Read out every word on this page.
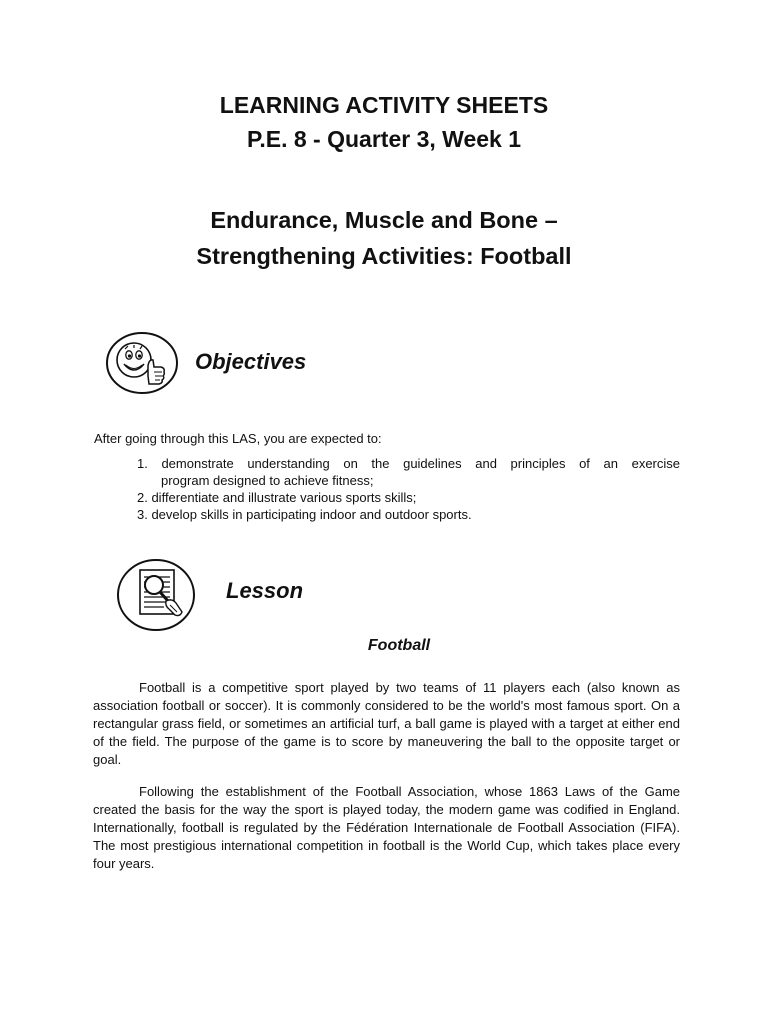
LEARNING ACTIVITY SHEETS
P.E. 8 - Quarter 3, Week 1
Endurance, Muscle and Bone –
Strengthening Activities: Football
Objectives
After going through this LAS, you are expected to:
1. demonstrate understanding on the guidelines and principles of an exercise
program designed to achieve fitness;
2. differentiate and illustrate various sports skills;
3. develop skills in participating indoor and outdoor sports.
Lesson
Football

Football is a competitive sport played by two teams of 11 players each (also known as association football or soccer). It is commonly considered to be the world's most famous sport. On a rectangular grass field, or sometimes an artificial turf, a ball game is played with a target at either end of the field. The purpose of the game is to score by maneuvering the ball to the opposite target or goal.

Following the establishment of the Football Association, whose 1863 Laws of the Game created the basis for the way the sport is played today, the modern game was codified in England. Internationally, football is regulated by the Fédération Internationale de Football Association (FIFA). The most prestigious international competition in football is the World Cup, which takes place every four years.
